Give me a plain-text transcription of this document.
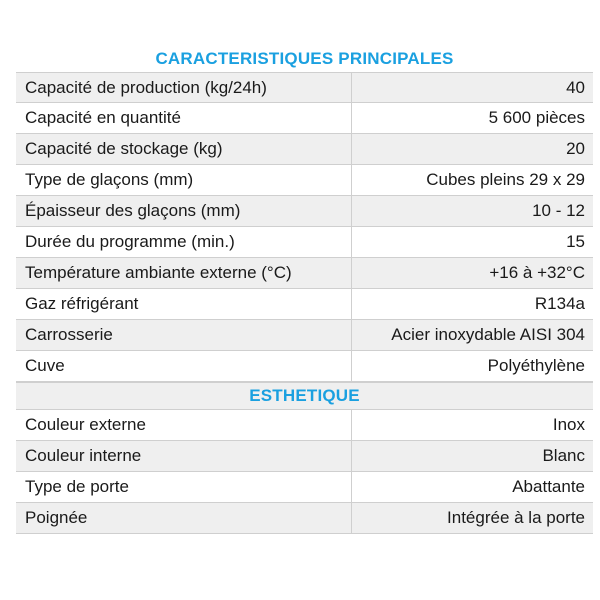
CARACTERISTIQUES PRINCIPALES
Capacité de production (kg/24h)	40
Capacité en quantité	5 600 pièces
Capacité de stockage (kg)	20
Type de glaçons (mm)	Cubes pleins 29 x 29
Épaisseur des glaçons (mm)	10 - 12
Durée du programme (min.)	15
Température ambiante externe (°C)	+16 à +32°C
Gaz réfrigérant	R134a
Carrosserie	Acier inoxydable AISI 304
Cuve	Polyéthylène
ESTHETIQUE
Couleur externe	Inox
Couleur interne	Blanc
Type de porte	Abattante
Poignée	Intégrée à la porte
